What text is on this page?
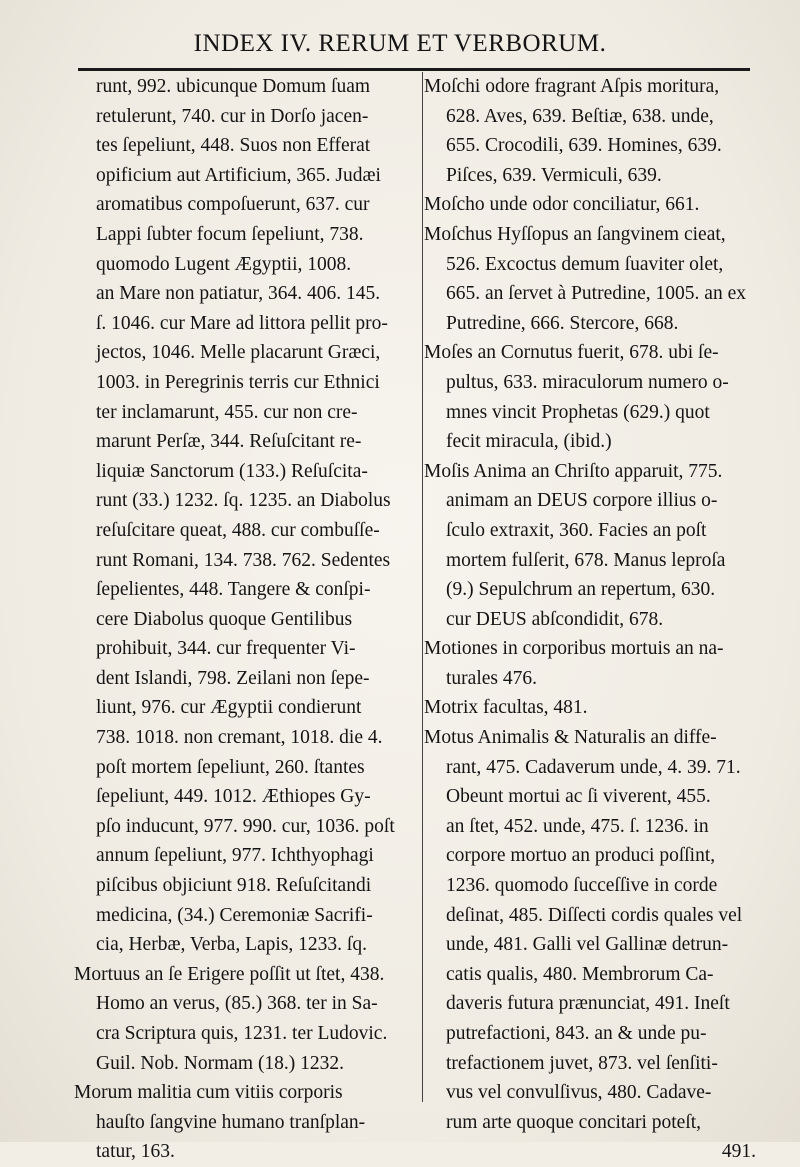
INDEX IV. RERUM ET VERBORUM.
runt, 992. ubicunque Domum ſuam
retulerunt, 740. cur in Dorſo jacen-
tes ſepeliunt, 448. Suos non Efferat
opificium aut Artificium, 365. Judæi
aromatibus compoſuerunt, 637. cur
Lappi ſubter focum ſepeliunt, 738.
quomodo Lugent Ægyptii, 1008.
an Mare non patiatur, 364. 406. 145.
ſ. 1046. cur Mare ad littora pellit pro-
jectos, 1046. Melle placarunt Græci,
1003. in Peregrinis terris cur Ethnici
ter inclamarunt, 455. cur non cre-
marunt Perſæ, 344. Reſuſcitant re-
liquiæ Sanctorum (133.) Reſuſcita-
runt (33.) 1232. ſq. 1235. an Diabolus
reſuſcitare queat, 488. cur combuſſe-
runt Romani, 134. 738. 762. Sedentes
ſepelientes, 448. Tangere & conſpi-
cere Diabolus quoque Gentilibus
prohibuit, 344. cur frequenter Vi-
dent Islandi, 798. Zeilani non ſepe-
liunt, 976. cur Ægyptii condierunt
738. 1018. non cremant, 1018. die 4.
poſt mortem ſepeliunt, 260. ſtantes
ſepeliunt, 449. 1012. Æthiopes Gy-
pſo inducunt, 977. 990. cur, 1036. poſt
annum ſepeliunt, 977. Ichthyophagi
piſcibus objiciunt 918. Reſuſcitandi
medicina, (34.) Ceremoniæ Sacrifi-
cia, Herbæ, Verba, Lapis, 1233. ſq.
Mortuus an ſe Erigere poſſit ut ſtet, 438.
Homo an verus, (85.) 368. ter in Sa-
cra Scriptura quis, 1231. ter Ludovic.
Guil. Nob. Normam (18.) 1232.
Morum malitia cum vitiis corporis
hauſto ſangvine humano tranſplan-
tatur, 163.
Moſchi odore fragrant Aſpis moritura,
628. Aves, 639. Beſtiæ, 638. unde,
655. Crocodili, 639. Homines, 639.
Piſces, 639. Vermiculi, 639.
Moſcho unde odor conciliatur, 661.
Moſchus Hyſſopus an ſangvinem cieat,
526. Excoctus demum ſuaviter olet,
665. an ſervet à Putredine, 1005. an ex
Putredine, 666. Stercore, 668.
Moſes an Cornutus fuerit, 678. ubi ſe-
pultus, 633. miraculorum numero o-
mnes vincit Prophetas (629.) quot
fecit miracula, (ibid.)
Moſis Anima an Chriſto apparuit, 775.
animam an DEUS corpore illius o-
ſculo extraxit, 360. Facies an poſt
mortem fulſerit, 678. Manus leproſa
(9.) Sepulchrum an repertum, 630.
cur DEUS abſcondidit, 678.
Motiones in corporibus mortuis an na-
turales 476.
Motrix facultas, 481.
Motus Animalis & Naturalis an diffe-
rant, 475. Cadaverum unde, 4. 39. 71.
Obeunt mortui ac ſi viverent, 455.
an ſtet, 452. unde, 475. ſ. 1236. in
corpore mortuo an produci poſſint,
1236. quomodo ſucceſſive in corde
deſinat, 485. Diſſecti cordis quales vel
unde, 481. Galli vel Gallinæ detrun-
catis qualis, 480. Membrorum Ca-
daveris futura prænunciat, 491. Ineſt
putrefactioni, 843. an & unde pu-
trefactionem juvet, 873. vel ſenſiti-
vus vel convulſivus, 480. Cadave-
rum arte quoque concitari poteſt,
491.
